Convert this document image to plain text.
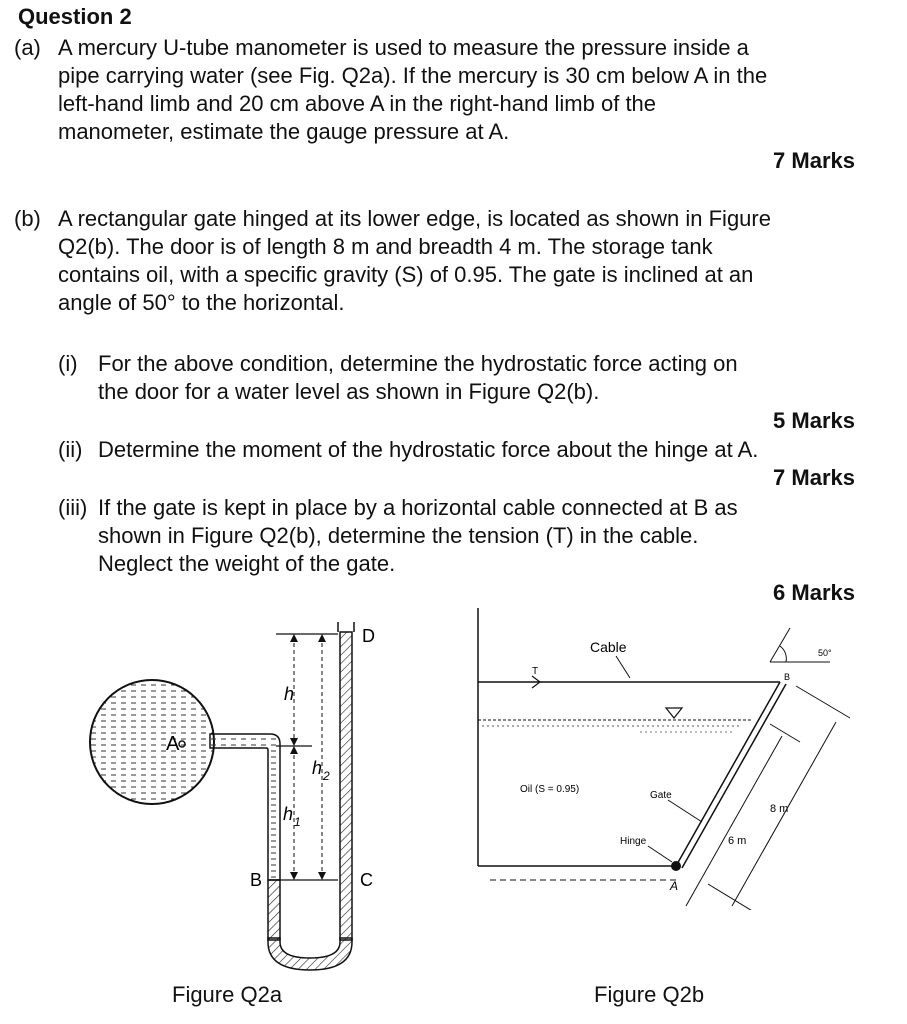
Question 2
(a) A mercury U-tube manometer is used to measure the pressure inside a
pipe carrying water (see Fig. Q2a). If the mercury is 30 cm below A in the
left-hand limb and 20 cm above A in the right-hand limb of the
manometer, estimate the gauge pressure at A.
7 Marks
(b) A rectangular gate hinged at its lower edge, is located as shown in Figure
Q2(b). The door is of length 8 m and breadth 4 m. The storage tank
contains oil, with a specific gravity (S) of 0.95. The gate is inclined at an
angle of 50° to the horizontal.
(i) For the above condition, determine the hydrostatic force acting on
the door for a water level as shown in Figure Q2(b).
5 Marks
(ii) Determine the moment of the hydrostatic force about the hinge at A.
7 Marks
(iii) If the gate is kept in place by a horizontal cable connected at B as
shown in Figure Q2(b), determine the tension (T) in the cable.
Neglect the weight of the gate.
6 Marks
A
B	C
D
h
h 1
h 2
Figure Q2a
Cable
T
Oil (S = 0.95)
Gate
Hinge
A
B
6 m
8 m
50°
Figure Q2b
